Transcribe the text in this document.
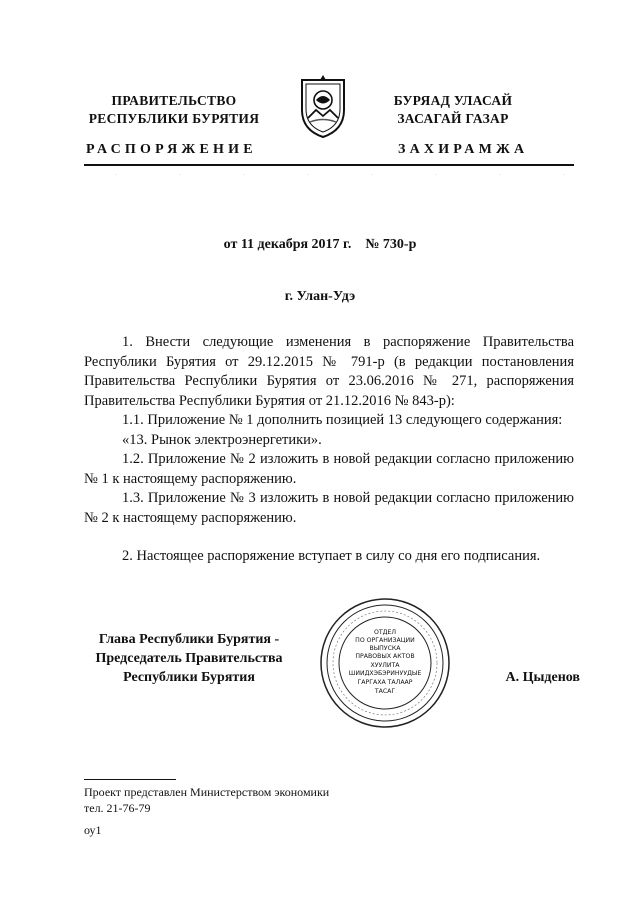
ПРАВИТЕЛЬСТВО
РЕСПУБЛИКИ БУРЯТИЯ
БУРЯАД УЛАСАЙ
ЗАСАГАЙ ГАЗАР
РАСПОРЯЖЕНИЕ	ЗАХИРАМЖА
от 11 декабря 2017 г.    № 730-р
г. Улан-Удэ

1. Внести следующие изменения в распоряжение Правительства Республики Бурятия от 29.12.2015 № 791-р (в редакции постановления Правительства Республики Бурятия от 23.06.2016 № 271, распоряжения Правительства Республики Бурятия от 21.12.2016 № 843-р):

1.1. Приложение № 1 дополнить позицией 13 следующего содержания:

«13. Рынок электроэнергетики».

1.2. Приложение № 2 изложить в новой редакции согласно приложению № 1 к настоящему распоряжению.

1.3. Приложение № 3 изложить в новой редакции согласно приложению № 2 к настоящему распоряжению.

2. Настоящее распоряжение вступает в силу со дня его подписания.

Глава Республики Бурятия -
Председатель Правительства
Республики Бурятия
ОТДЕЛ
ПО ОРГАНИЗАЦИИ
ВЫПУСКА
ПРАВОВЫХ АКТОВ
ХУУЛИТА
ШИИДХЭБЭРИНУУДЫЕ
ГАРГАХА ТАЛААР
ТАСАГ
А. Цыденов
Проект представлен Министерством экономики
тел. 21-76-79
оу1
